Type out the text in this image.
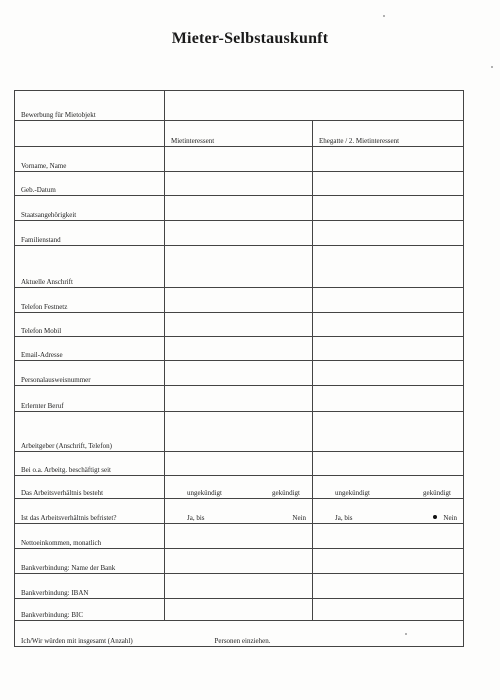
Mieter-Selbstauskunft
Bewerbung für Mietobjekt		
	Mietinteressent	Ehegatte / 2. Mietinteressent
Vorname, Name		
Geb.-Datum		
Staatsangehörigkeit		
Familienstand		
Aktuelle Anschrift		
Telefon Festnetz		
Telefon Mobil		
Email-Adresse		
Personalausweisnummer		
Erlernter Beruf		
Arbeitgeber (Anschrift, Telefon)		
Bei o.a. Arbeitg. beschäftigt seit		
Das Arbeitsverhältnis besteht	ungekündigt gekündigt	ungekündigt gekündigt

Ist das Arbeitsverhältnis befristet?	Ja, bis Nein	Ja, bis Nein

Nettoeinkommen, monatlich		
Bankverbindung: Name der Bank		
Bankverbindung: IBAN		
Bankverbindung: BIC		
Ich/Wir würden mit insgesamt (Anzahl) Personen einziehen.		
